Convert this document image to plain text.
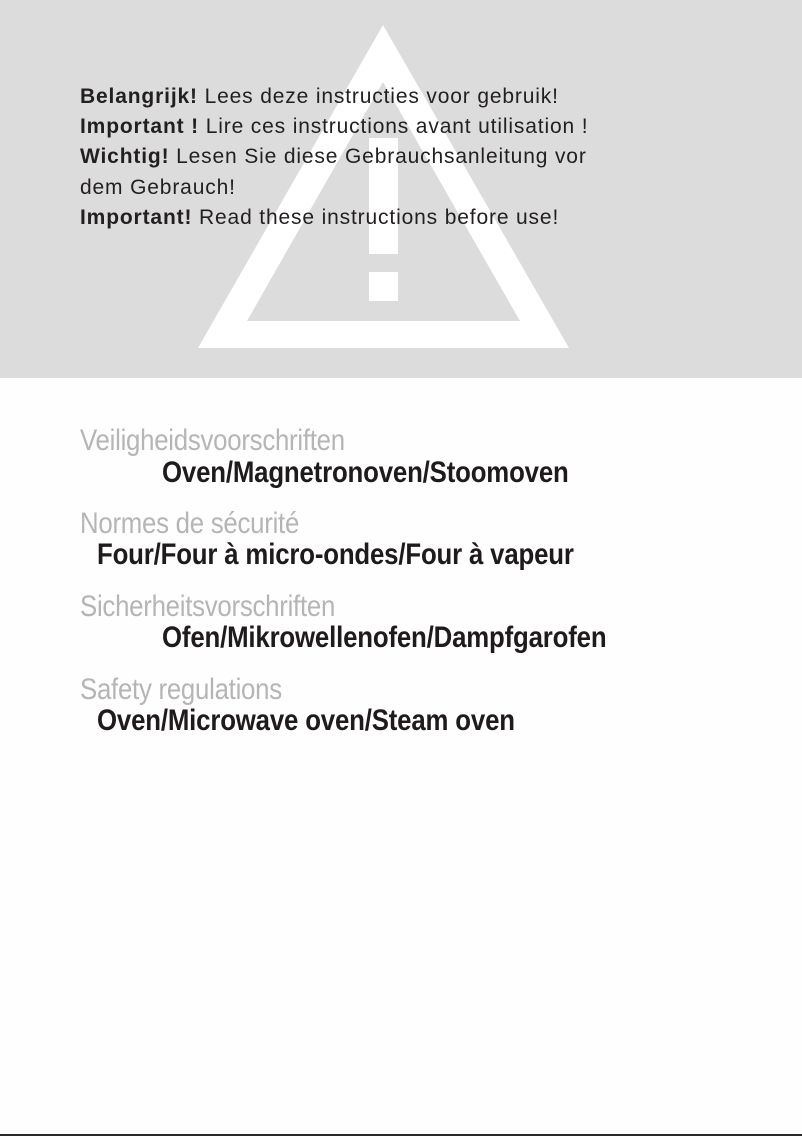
Belangrijk! Lees deze instructies voor gebruik!
Important ! Lire ces instructions avant utilisation !
Wichtig! Lesen Sie diese Gebrauchsanleitung vor
dem Gebrauch!
Important! Read these instructions before use!
Veiligheidsvoorschriften
Oven/Magnetronoven/Stoomoven
Normes de sécurité
Four/Four à micro-ondes/Four à vapeur
Sicherheitsvorschriften
Ofen/Mikrowellenofen/Dampfgarofen
Safety regulations
Oven/Microwave oven/Steam oven
